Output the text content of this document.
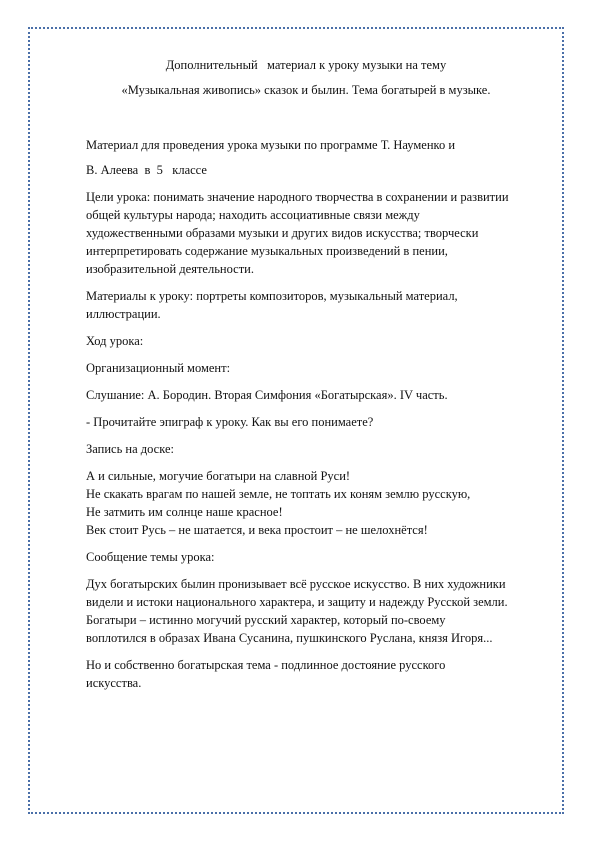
Дополнительный   материал к уроку музыки на тему
«Музыкальная живопись» сказок и былин. Тема богатырей в музыке.
Материал для проведения урока музыки по программе Т. Науменко и
В. Алеева  в  5   классе
Цели урока: понимать значение народного творчества в сохранении и развитии
общей культуры народа; находить ассоциативные связи между
художественными образами музыки и других видов искусства; творчески
интерпретировать содержание музыкальных произведений в пении,
изобразительной деятельности.
Материалы к уроку: портреты композиторов, музыкальный материал,
иллюстрации.
Ход урока:
Организационный момент:
Слушание: А. Бородин. Вторая Симфония «Богатырская». IV часть.
- Прочитайте эпиграф к уроку. Как вы его понимаете?
Запись на доске:
А и сильные, могучие богатыри на славной Руси!
Не скакать врагам по нашей земле, не топтать их коням землю русскую,
Не затмить им солнце наше красное!
Век стоит Русь – не шатается, и века простоит – не шелохнётся!
Сообщение темы урока:
Дух богатырских былин пронизывает всё русское искусство. В них художники
видели и истоки национального характера, и защиту и надежду Русской земли.
Богатыри – истинно могучий русский характер, который по-своему
воплотился в образах Ивана Сусанина, пушкинского Руслана, князя Игоря...
Но и собственно богатырская тема - подлинное достояние русского
искусства.
